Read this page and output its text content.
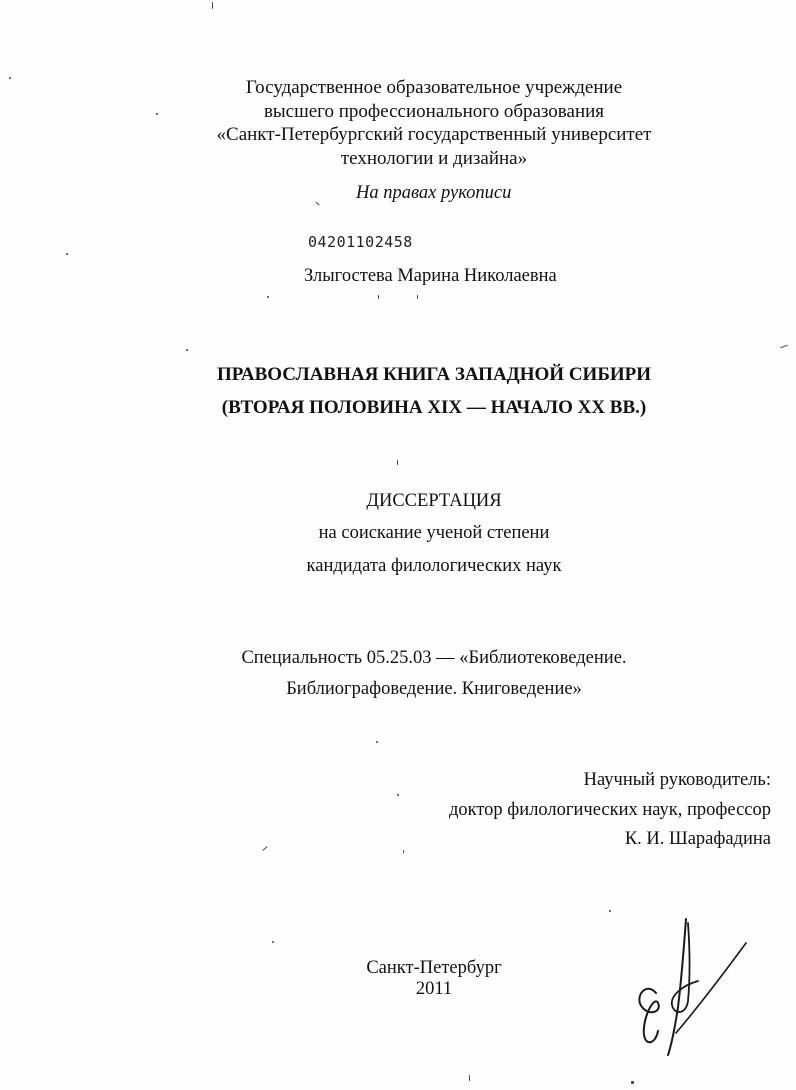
Государственное образовательное учреждение
высшего профессионального образования
«Санкт-Петербургский государственный университет
технологии и дизайна»
На правах рукописи
04201102458
Злыгостева Марина Николаевна
ПРАВОСЛАВНАЯ КНИГА ЗАПАДНОЙ СИБИРИ
(ВТОРАЯ ПОЛОВИНА XIX — НАЧАЛО XX ВВ.)
ДИССЕРТАЦИЯ
на соискание ученой степени
кандидата филологических наук
Специальность 05.25.03 — «Библиотековедение.
Библиографоведение. Книговедение»
Научный руководитель:
доктор филологических наук, профессор
К. И. Шарафадина
Санкт-Петербург
2011
